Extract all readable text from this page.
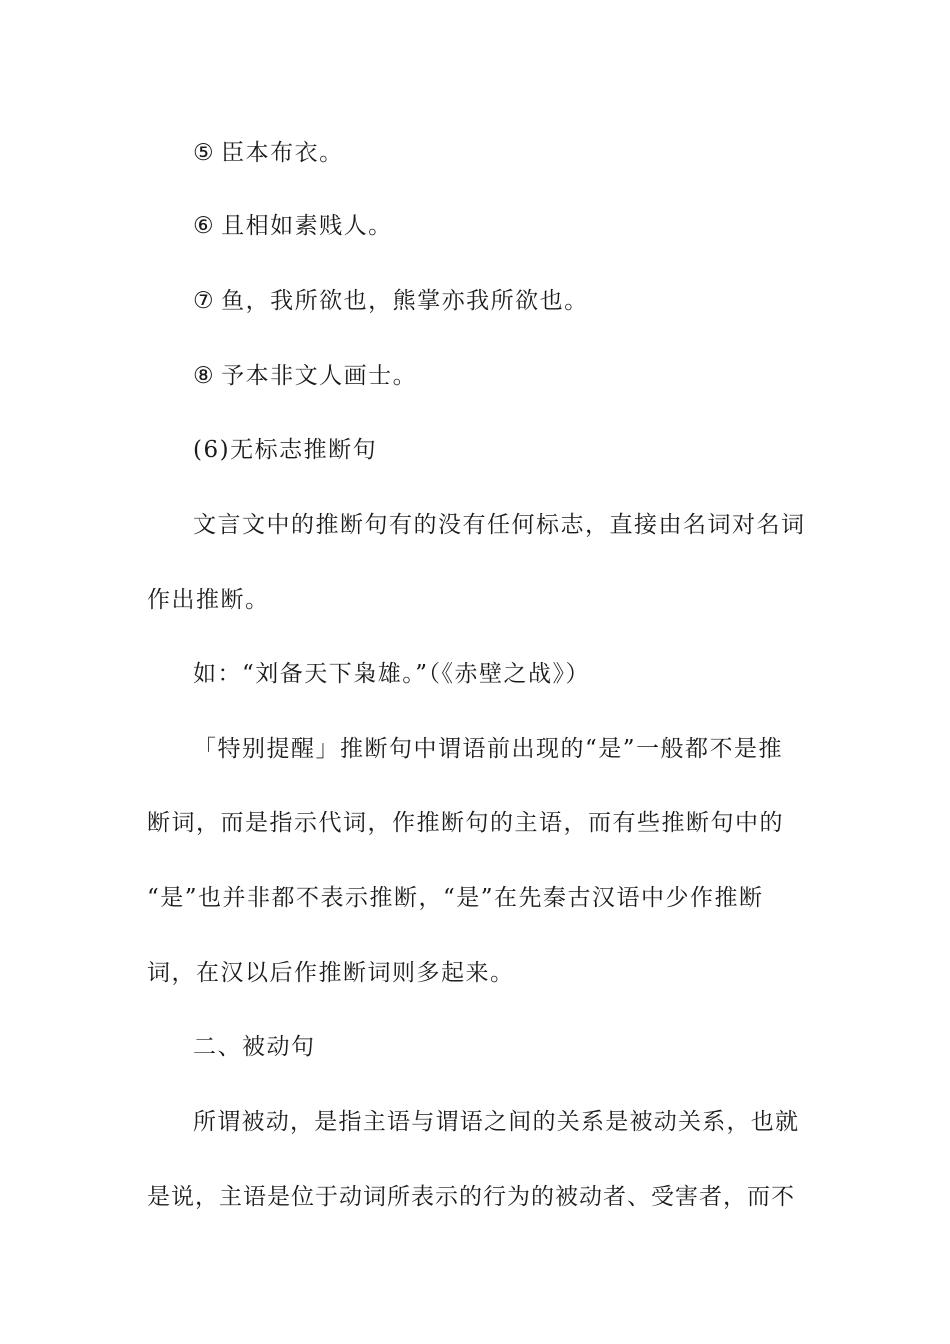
⑤ 臣本布衣。
⑥ 且相如素贱人。
⑦ 鱼，我所欲也，熊掌亦我所欲也。
⑧ 予本非文人画士。
(6)无标志推断句
文言文中的推断句有的没有任何标志，直接由名词对名词
作出推断。
如：“刘备天下枭雄。”（《赤壁之战》）
「特别提醒」推断句中谓语前出现的“是”一般都不是推
断词，而是指示代词，作推断句的主语，而有些推断句中的
“是”也并非都不表示推断，“是”在先秦古汉语中少作推断
词，在汉以后作推断词则多起来。
二、被动句
所谓被动，是指主语与谓语之间的关系是被动关系，也就
是说，主语是位于动词所表示的行为的被动者、受害者，而不
